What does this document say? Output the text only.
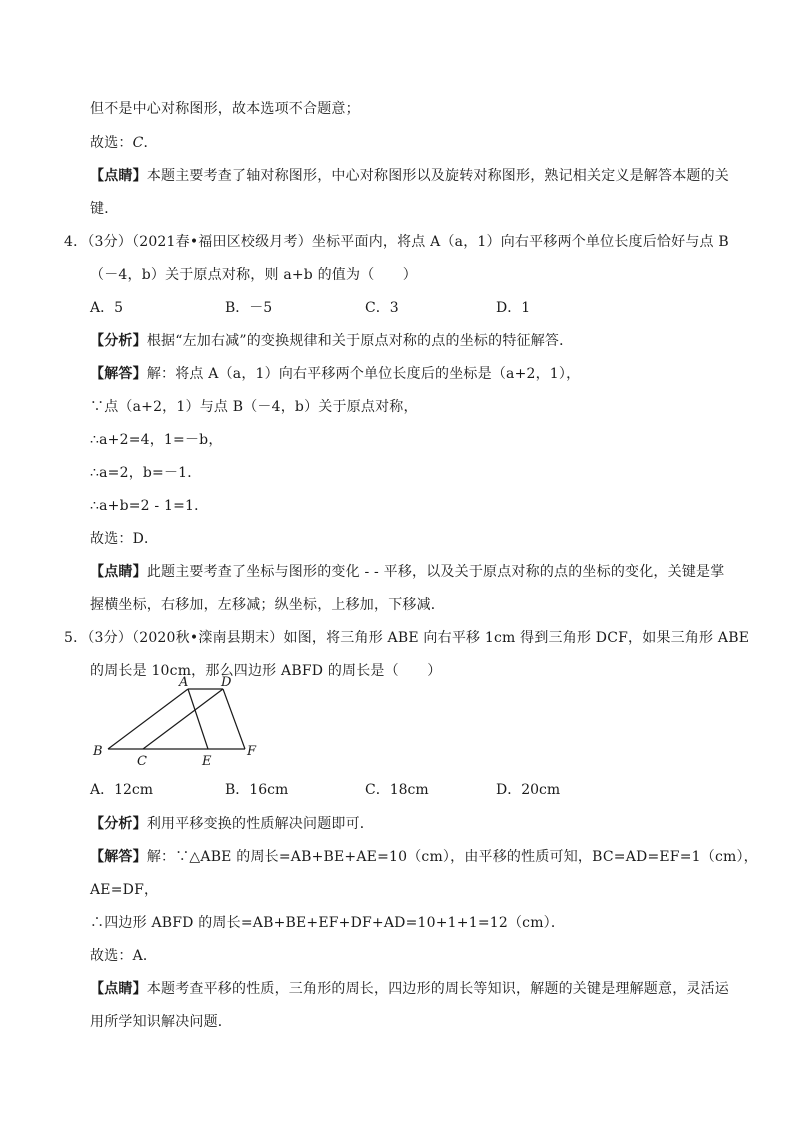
但不是中心对称图形，故本选项不合题意；
故选：C．
【点睛】本题主要考查了轴对称图形，中心对称图形以及旋转对称图形，熟记相关定义是解答本题的关
键．
4．（3分）（2021春•福田区校级月考）坐标平面内，将点 A（a，1）向右平移两个单位长度后恰好与点 B
（－4，b）关于原点对称，则 a+b 的值为（　　）
A．5	B．－5	C．3	D．1
【分析】根据“左加右减”的变换规律和关于原点对称的点的坐标的特征解答．
【解答】解：将点 A（a，1）向右平移两个单位长度后的坐标是（a+2，1），
∵点（a+2，1）与点 B（－4，b）关于原点对称，
∴a+2=4，1=－b，
∴a=2，b=－1．
∴a+b=2 - 1=1．
故选：D．
【点睛】此题主要考查了坐标与图形的变化 - - 平移，以及关于原点对称的点的坐标的变化，关键是掌
握横坐标，右移加，左移减；纵坐标，上移加，下移减．
5．（3分）（2020秋•滦南县期末）如图，将三角形 ABE 向右平移 1cm 得到三角形 DCF，如果三角形 ABE
的周长是 10cm，那么四边形 ABFD 的周长是（　　）
A	D
B
C	E
F
A．12cm	B．16cm	C．18cm	D．20cm
【分析】利用平移变换的性质解决问题即可．
【解答】解：∵△ABE 的周长=AB+BE+AE=10（cm），由平移的性质可知，BC=AD=EF=1（cm），
AE=DF，
∴四边形 ABFD 的周长=AB+BE+EF+DF+AD=10+1+1=12（cm）．
故选：A．
【点睛】本题考查平移的性质，三角形的周长，四边形的周长等知识，解题的关键是理解题意，灵活运
用所学知识解决问题．
